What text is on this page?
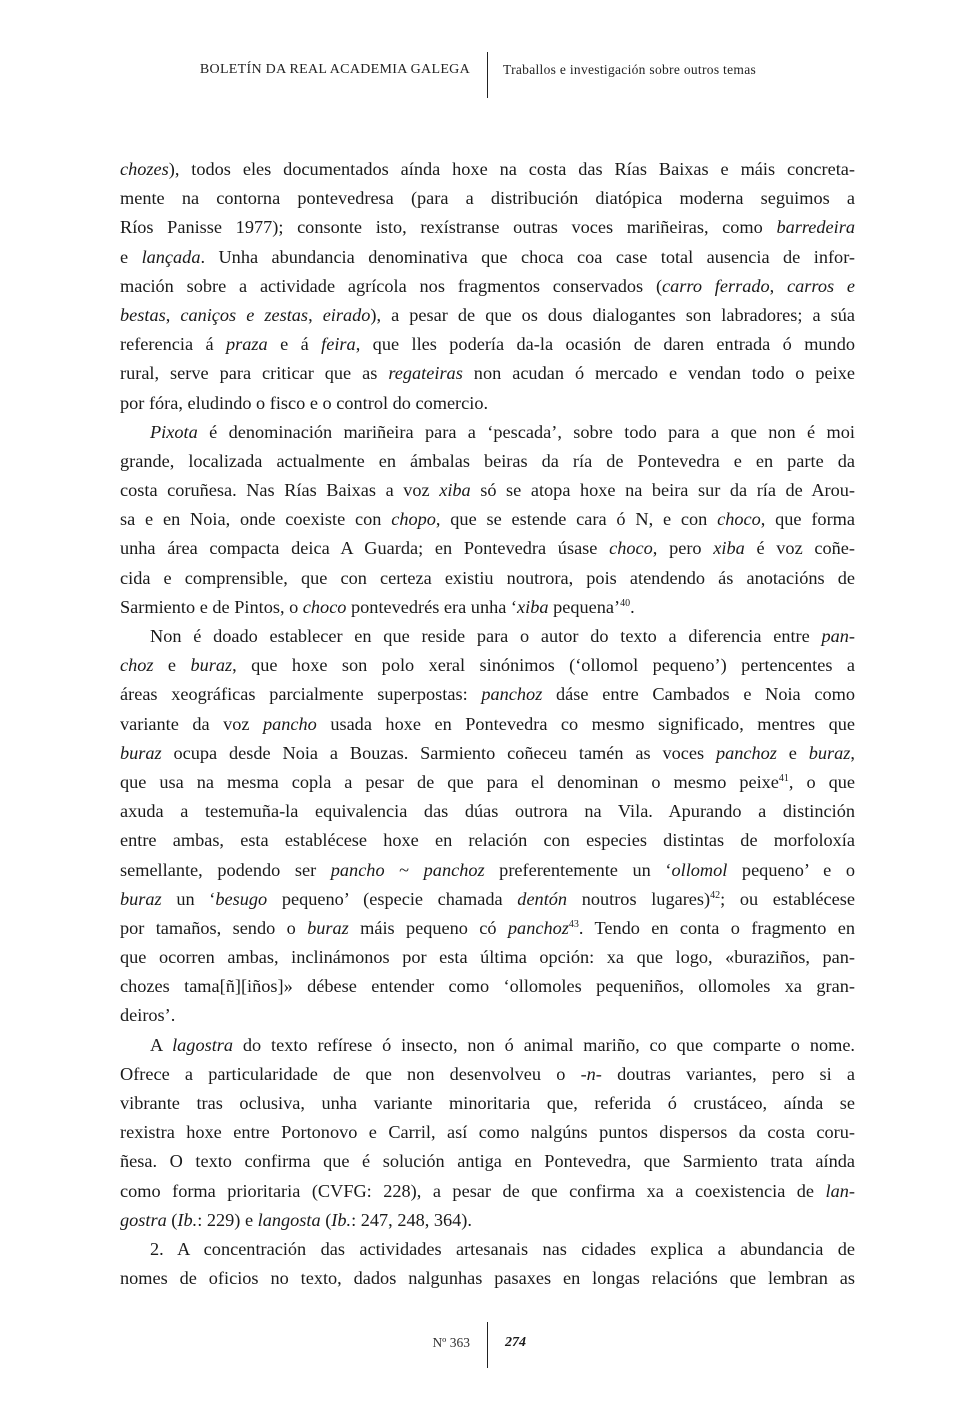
BOLETÍN DA REAL ACADEMIA GALEGA Traballos e investigación sobre outros temas
chozes), todos eles documentados aínda hoxe na costa das Rías Baixas e máis concreta-
mente na contorna pontevedresa (para a distribución diatópica moderna seguimos a
Ríos Panisse 1977); consonte isto, rexístranse outras voces mariñeiras, como barredeira
e lançada. Unha abundancia denominativa que choca coa case total ausencia de infor-
mación sobre a actividade agrícola nos fragmentos conservados (carro ferrado, carros e
bestas, caniços e zestas, eirado), a pesar de que os dous dialogantes son labradores; a súa
referencia á praza e á feira, que lles podería da-la ocasión de daren entrada ó mundo
rural, serve para criticar que as regateiras non acudan ó mercado e vendan todo o peixe
por fóra, eludindo o fisco e o control do comercio.
Pixota é denominación mariñeira para a ‘pescada’, sobre todo para a que non é moi
grande, localizada actualmente en ámbalas beiras da ría de Pontevedra e en parte da
costa coruñesa. Nas Rías Baixas a voz xiba só se atopa hoxe na beira sur da ría de Arou-
sa e en Noia, onde coexiste con chopo, que se estende cara ó N, e con choco, que forma
unha área compacta deica A Guarda; en Pontevedra úsase choco, pero xiba é voz coñe-
cida e comprensible, que con certeza existiu noutrora, pois atendendo ás anotacións de
Sarmiento e de Pintos, o choco pontevedrés era unha ‘xiba pequena’$^{40}$.
Non é doado establecer en que reside para o autor do texto a diferencia entre pan-
choz e buraz, que hoxe son polo xeral sinónimos (‘ollomol pequeno’) pertencentes a
áreas xeográficas parcialmente superpostas: panchoz dáse entre Cambados e Noia como
variante da voz pancho usada hoxe en Pontevedra co mesmo significado, mentres que
buraz ocupa desde Noia a Bouzas. Sarmiento coñeceu tamén as voces panchoz e buraz,
que usa na mesma copla a pesar de que para el denominan o mesmo peixe$^{41}$, o que
axuda a testemuña-la equivalencia das dúas outrora na Vila. Apurando a distinción
entre ambas, esta establécese hoxe en relación con especies distintas de morfoloxía
semellante, podendo ser pancho ~ panchoz preferentemente un ‘ollomol pequeno’ e o
buraz un ‘besugo pequeno’ (especie chamada dentón noutros lugares)$^{42}$; ou establécese
por tamaños, sendo o buraz máis pequeno có panchoz$^{43}$. Tendo en conta o fragmento en
que ocorren ambas, inclinámonos por esta última opción: xa que logo, «buraziños, pan-
chozes tama[ñ][iños]» débese entender como ‘ollomoles pequeniños, ollomoles xa gran-
deiros’.
A lagostra do texto refírese ó insecto, non ó animal mariño, co que comparte o nome.
Ofrece a particularidade de que non desenvolveu o -n- doutras variantes, pero si a
vibrante tras oclusiva, unha variante minoritaria que, referida ó crustáceo, aínda se
rexistra hoxe entre Portonovo e Carril, así como nalgúns puntos dispersos da costa coru-
ñesa. O texto confirma que é solución antiga en Pontevedra, que Sarmiento trata aínda
como forma prioritaria (CVFG: 228), a pesar de que confirma xa a coexistencia de lan-
gostra (Ib.: 229) e langosta (Ib.: 247, 248, 364).
2. A concentración das actividades artesanais nas cidades explica a abundancia de
nomes de oficios no texto, dados nalgunhas pasaxes en longas relacións que lembran as
Nº 363	274
